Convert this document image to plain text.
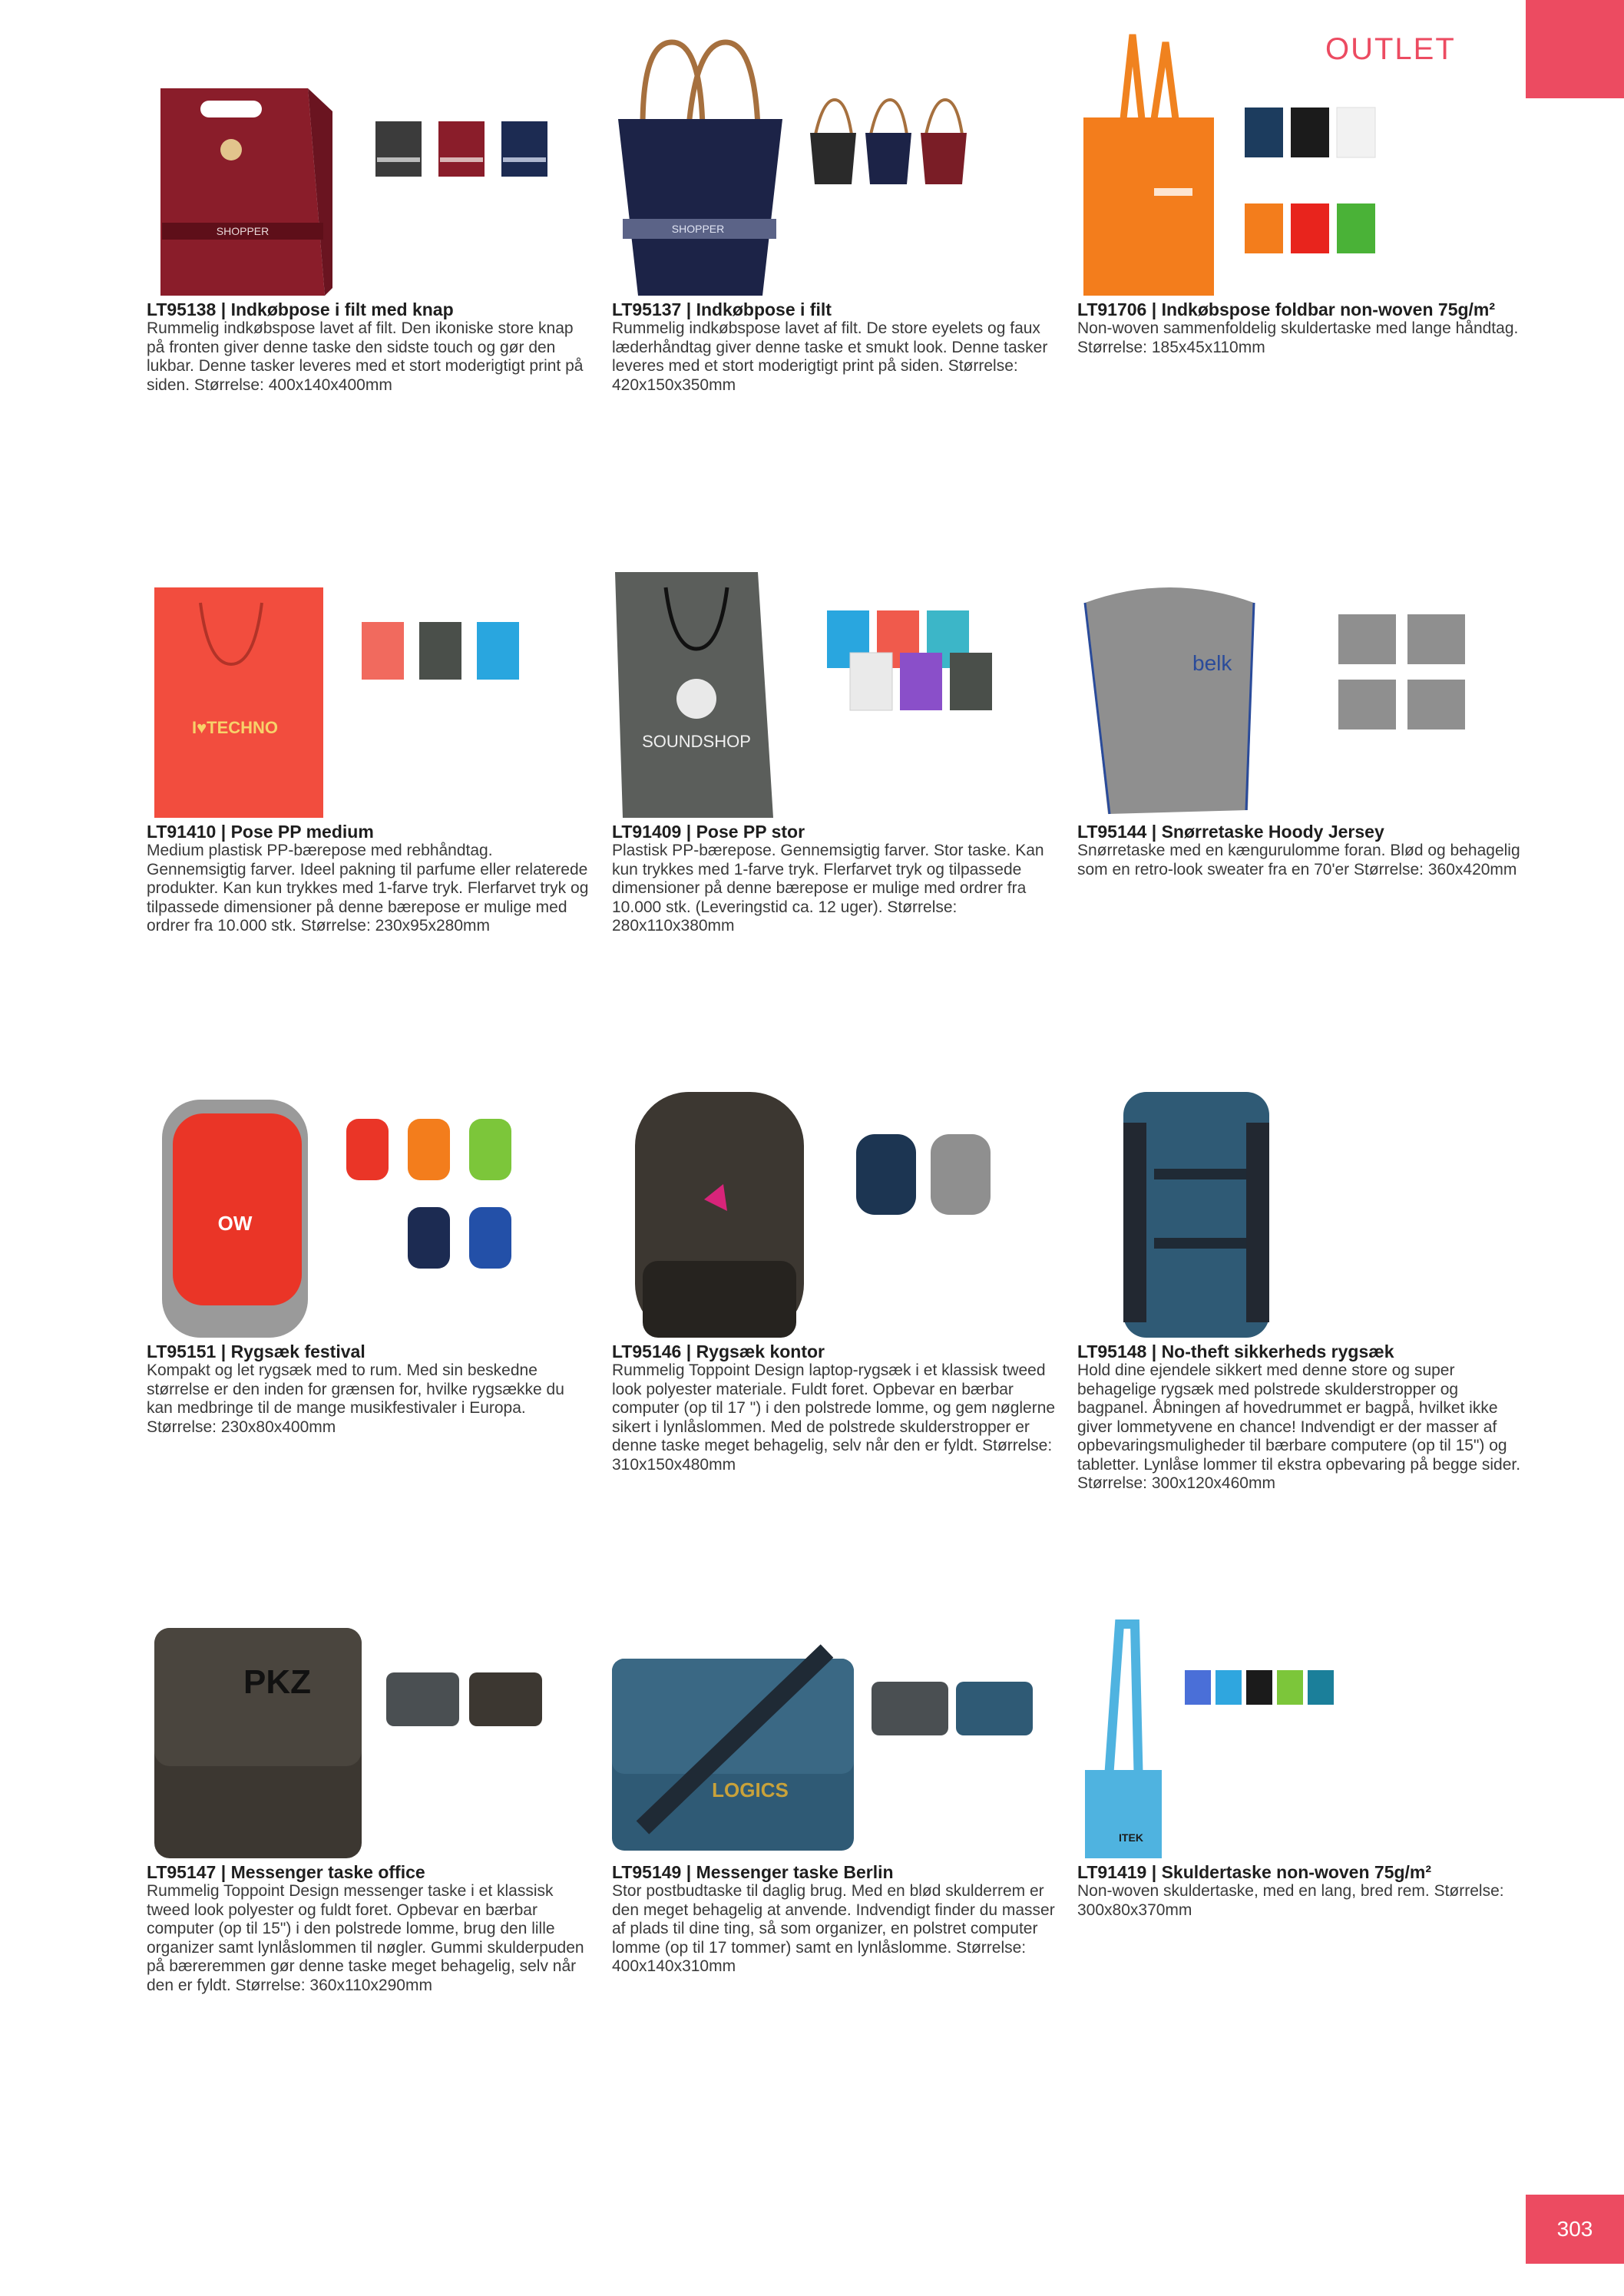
OUTLET
SHOPPER
LT95138 | Indkøbpose i filt med knap

Rummelig indkøbspose lavet af filt. Den ikoniske store knap på fronten giver denne taske den sidste touch og gør den lukbar. Denne tasker leveres med et stort moderigtigt print på siden. Størrelse: 400x140x400mm

SHOPPER
LT95137 | Indkøbpose i filt

Rummelig indkøbspose lavet af filt. De store eyelets og faux læderhåndtag giver denne taske et smukt look. Denne tasker leveres med et stort moderigtigt print på siden. Størrelse: 420x150x350mm

LT91706 | Indkøbspose foldbar non-woven 75g/m²

Non-woven sammenfoldelig skuldertaske med lange håndtag. Størrelse: 185x45x110mm

I♥TECHNO
LT91410 | Pose PP medium

Medium plastisk PP-bærepose med rebhåndtag. Gennemsigtig farver. Ideel pakning til parfume eller relaterede produkter. Kan kun trykkes med 1-farve tryk. Flerfarvet tryk og tilpassede dimensioner på denne bærepose er mulige med ordrer fra 10.000 stk. Størrelse: 230x95x280mm

SOUNDSHOP
LT91409 | Pose PP stor

Plastisk PP-bærepose. Gennemsigtig farver. Stor taske. Kan kun trykkes med 1-farve tryk. Flerfarvet tryk og tilpassede dimensioner på denne bærepose er mulige med ordrer fra 10.000 stk. (Leveringstid ca. 12 uger). Størrelse: 280x110x380mm

belk
LT95144 | Snørretaske Hoody Jersey

Snørretaske med en kængurulomme foran. Blød og behagelig som en retro-look sweater fra en 70'er Størrelse: 360x420mm

OW
LT95151 | Rygsæk festival

Kompakt og let rygsæk med to rum. Med sin beskedne størrelse er den inden for grænsen for, hvilke rygsække du kan medbringe til de mange musikfestivaler i Europa. Størrelse: 230x80x400mm

LT95146 | Rygsæk kontor

Rummelig Toppoint Design laptop-rygsæk i et klassisk tweed look polyester materiale. Fuldt foret. Opbevar en bærbar computer (op til 17 ") i den polstrede lomme, og gem nøglerne sikert i lynlåslommen. Med de polstrede skulderstropper er denne taske meget behagelig, selv når den er fyldt. Størrelse: 310x150x480mm

LT95148 | No-theft sikkerheds rygsæk

Hold dine ejendele sikkert med denne store og super behagelige rygsæk med polstrede skulderstropper og bagpanel. Åbningen af hovedrummet er bagpå, hvilket ikke giver lommetyvene en chance! Indvendigt er der masser af opbevaringsmuligheder til bærbare computere (op til 15") og tabletter. Lynlåse lommer til ekstra opbevaring på begge sider. Størrelse: 300x120x460mm

PKZ
LT95147 | Messenger taske office

Rummelig Toppoint Design messenger taske i et klassisk tweed look polyester og fuldt foret. Opbevar en bærbar computer (op til 15") i den polstrede lomme, brug den lille organizer samt lynlåslommen til nøgler. Gummi skulderpuden på bæreremmen gør denne taske meget behagelig, selv når den er fyldt. Størrelse: 360x110x290mm

LOGICS
LT95149 | Messenger taske Berlin

Stor postbudtaske til daglig brug. Med en blød skulderrem er den meget behagelig at anvende. Indvendigt finder du masser af plads til dine ting, så som organizer, en polstret computer lomme (op til 17 tommer) samt en lynlåslomme. Størrelse: 400x140x310mm

ITEK
LT91419 | Skuldertaske non-woven 75g/m²

Non-woven skuldertaske, med en lang, bred rem. Størrelse: 300x80x370mm

303
